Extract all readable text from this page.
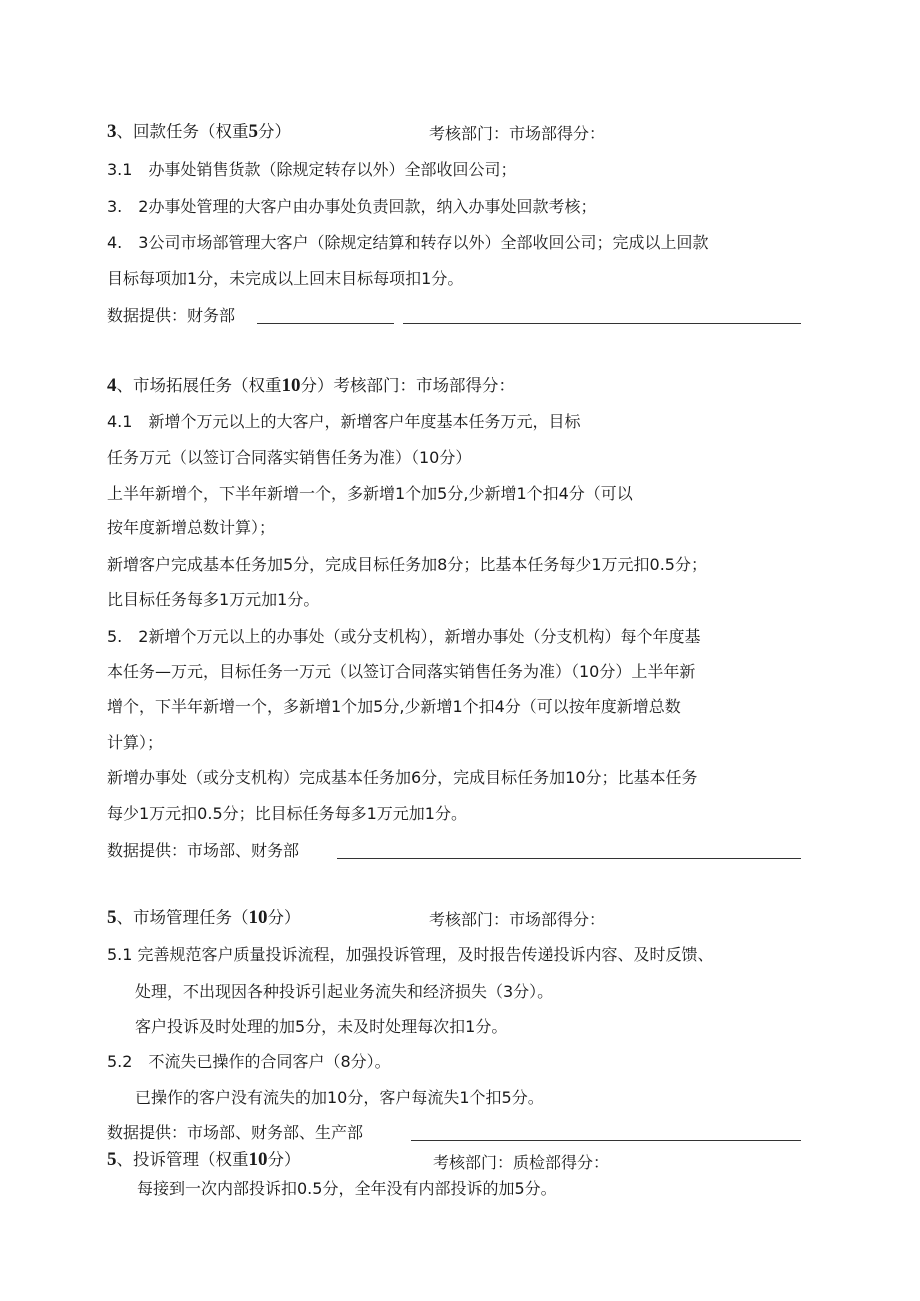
3、回款任务（权重5分）	考核部门：市场部得分：
3.1　办事处销售货款（除规定转存以外）全部收回公司；
3.　2办事处管理的大客户由办事处负责回款，纳入办事处回款考核；
4.　3公司市场部管理大客户（除规定结算和转存以外）全部收回公司；完成以上回款
目标每项加1分，未完成以上回末目标每项扣1分。
数据提供：财务部
4、市场拓展任务（权重10分）考核部门：市场部得分：
4.1　新增个万元以上的大客户，新增客户年度基本任务万元，目标
任务万元（以签订合同落实销售任务为准）（10分）
上半年新增个，下半年新增一个，多新增1个加5分,少新增1个扣4分（可以
按年度新增总数计算）；
新增客户完成基本任务加5分，完成目标任务加8分；比基本任务每少1万元扣0.5分；
比目标任务每多1万元加1分。
5.　2新增个万元以上的办事处（或分支机构），新增办事处（分支机构）每个年度基
本任务—万元，目标任务一万元（以签订合同落实销售任务为准）（10分）上半年新
增个，下半年新增一个，多新增1个加5分,少新增1个扣4分（可以按年度新增总数
计算）；
新增办事处（或分支机构）完成基本任务加6分，完成目标任务加10分；比基本任务
每少1万元扣0.5分；比目标任务每多1万元加1分。
数据提供：市场部、财务部
5、市场管理任务（10分）	考核部门：市场部得分：
5.1 完善规范客户质量投诉流程，加强投诉管理，及时报告传递投诉内容、及时反馈、
处理，不出现因各种投诉引起业务流失和经济损失（3分）。
客户投诉及时处理的加5分，未及时处理每次扣1分。
5.2　不流失已操作的合同客户（8分）。
已操作的客户没有流失的加10分，客户每流失1个扣5分。
数据提供：市场部、财务部、生产部
5、投诉管理（权重10分）	考核部门：质检部得分：
每接到一次内部投诉扣0.5分，全年没有内部投诉的加5分。
